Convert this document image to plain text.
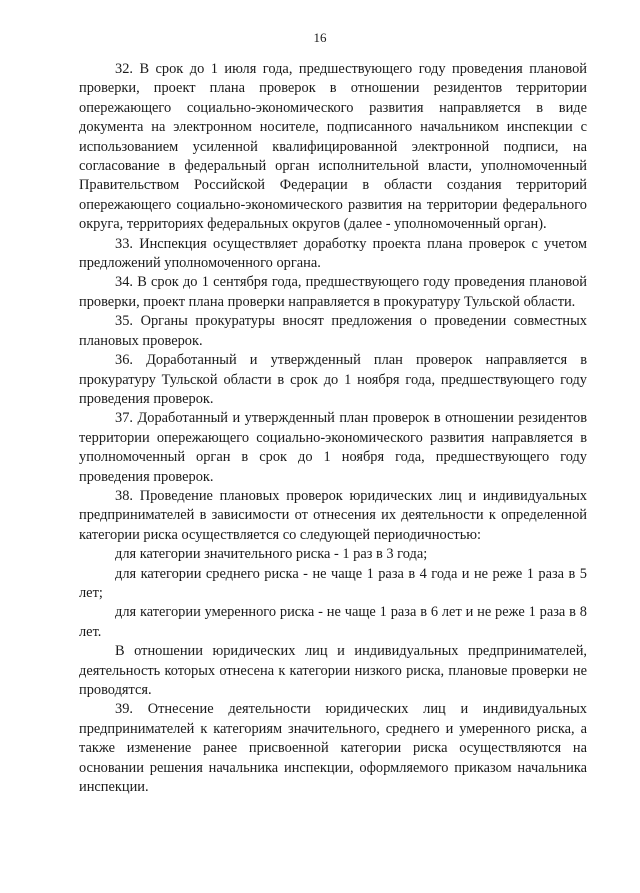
16

32. В срок до 1 июля года, предшествующего году проведения плановой проверки, проект плана проверок в отношении резидентов территории опережающего социально-экономического развития направляется в виде документа на электронном носителе, подписанного начальником инспекции с использованием усиленной квалифицированной электронной подписи, на согласование в федеральный орган исполнительной власти, уполномоченный Правительством Российской Федерации в области создания территорий опережающего социально-экономического развития на территории федерального округа, территориях федеральных округов (далее - уполномоченный орган).

33. Инспекция осуществляет доработку проекта плана проверок с учетом предложений уполномоченного органа.

34. В срок до 1 сентября года, предшествующего году проведения плановой проверки, проект плана проверки направляется в прокуратуру Тульской области.

35. Органы прокуратуры вносят предложения о проведении совместных плановых проверок.

36. Доработанный и утвержденный план проверок направляется в прокуратуру Тульской области в срок до 1 ноября года, предшествующего году проведения проверок.

37. Доработанный и утвержденный план проверок в отношении резидентов территории опережающего социально-экономического развития направляется в уполномоченный орган в срок до 1 ноября года, предшествующего году проведения проверок.

38. Проведение плановых проверок юридических лиц и индивидуальных предпринимателей в зависимости от отнесения их деятельности к определенной категории риска осуществляется со следующей периодичностью:

для категории значительного риска - 1 раз в 3 года;

для категории среднего риска - не чаще 1 раза в 4 года и не реже 1 раза в 5 лет;

для категории умеренного риска - не чаще 1 раза в 6 лет и не реже 1 раза в 8 лет.

В отношении юридических лиц и индивидуальных предпринимателей, деятельность которых отнесена к категории низкого риска, плановые проверки не проводятся.

39. Отнесение деятельности юридических лиц и индивидуальных предпринимателей к категориям значительного, среднего и умеренного риска, а также изменение ранее присвоенной категории риска осуществляются на основании решения начальника инспекции, оформляемого приказом начальника инспекции.
